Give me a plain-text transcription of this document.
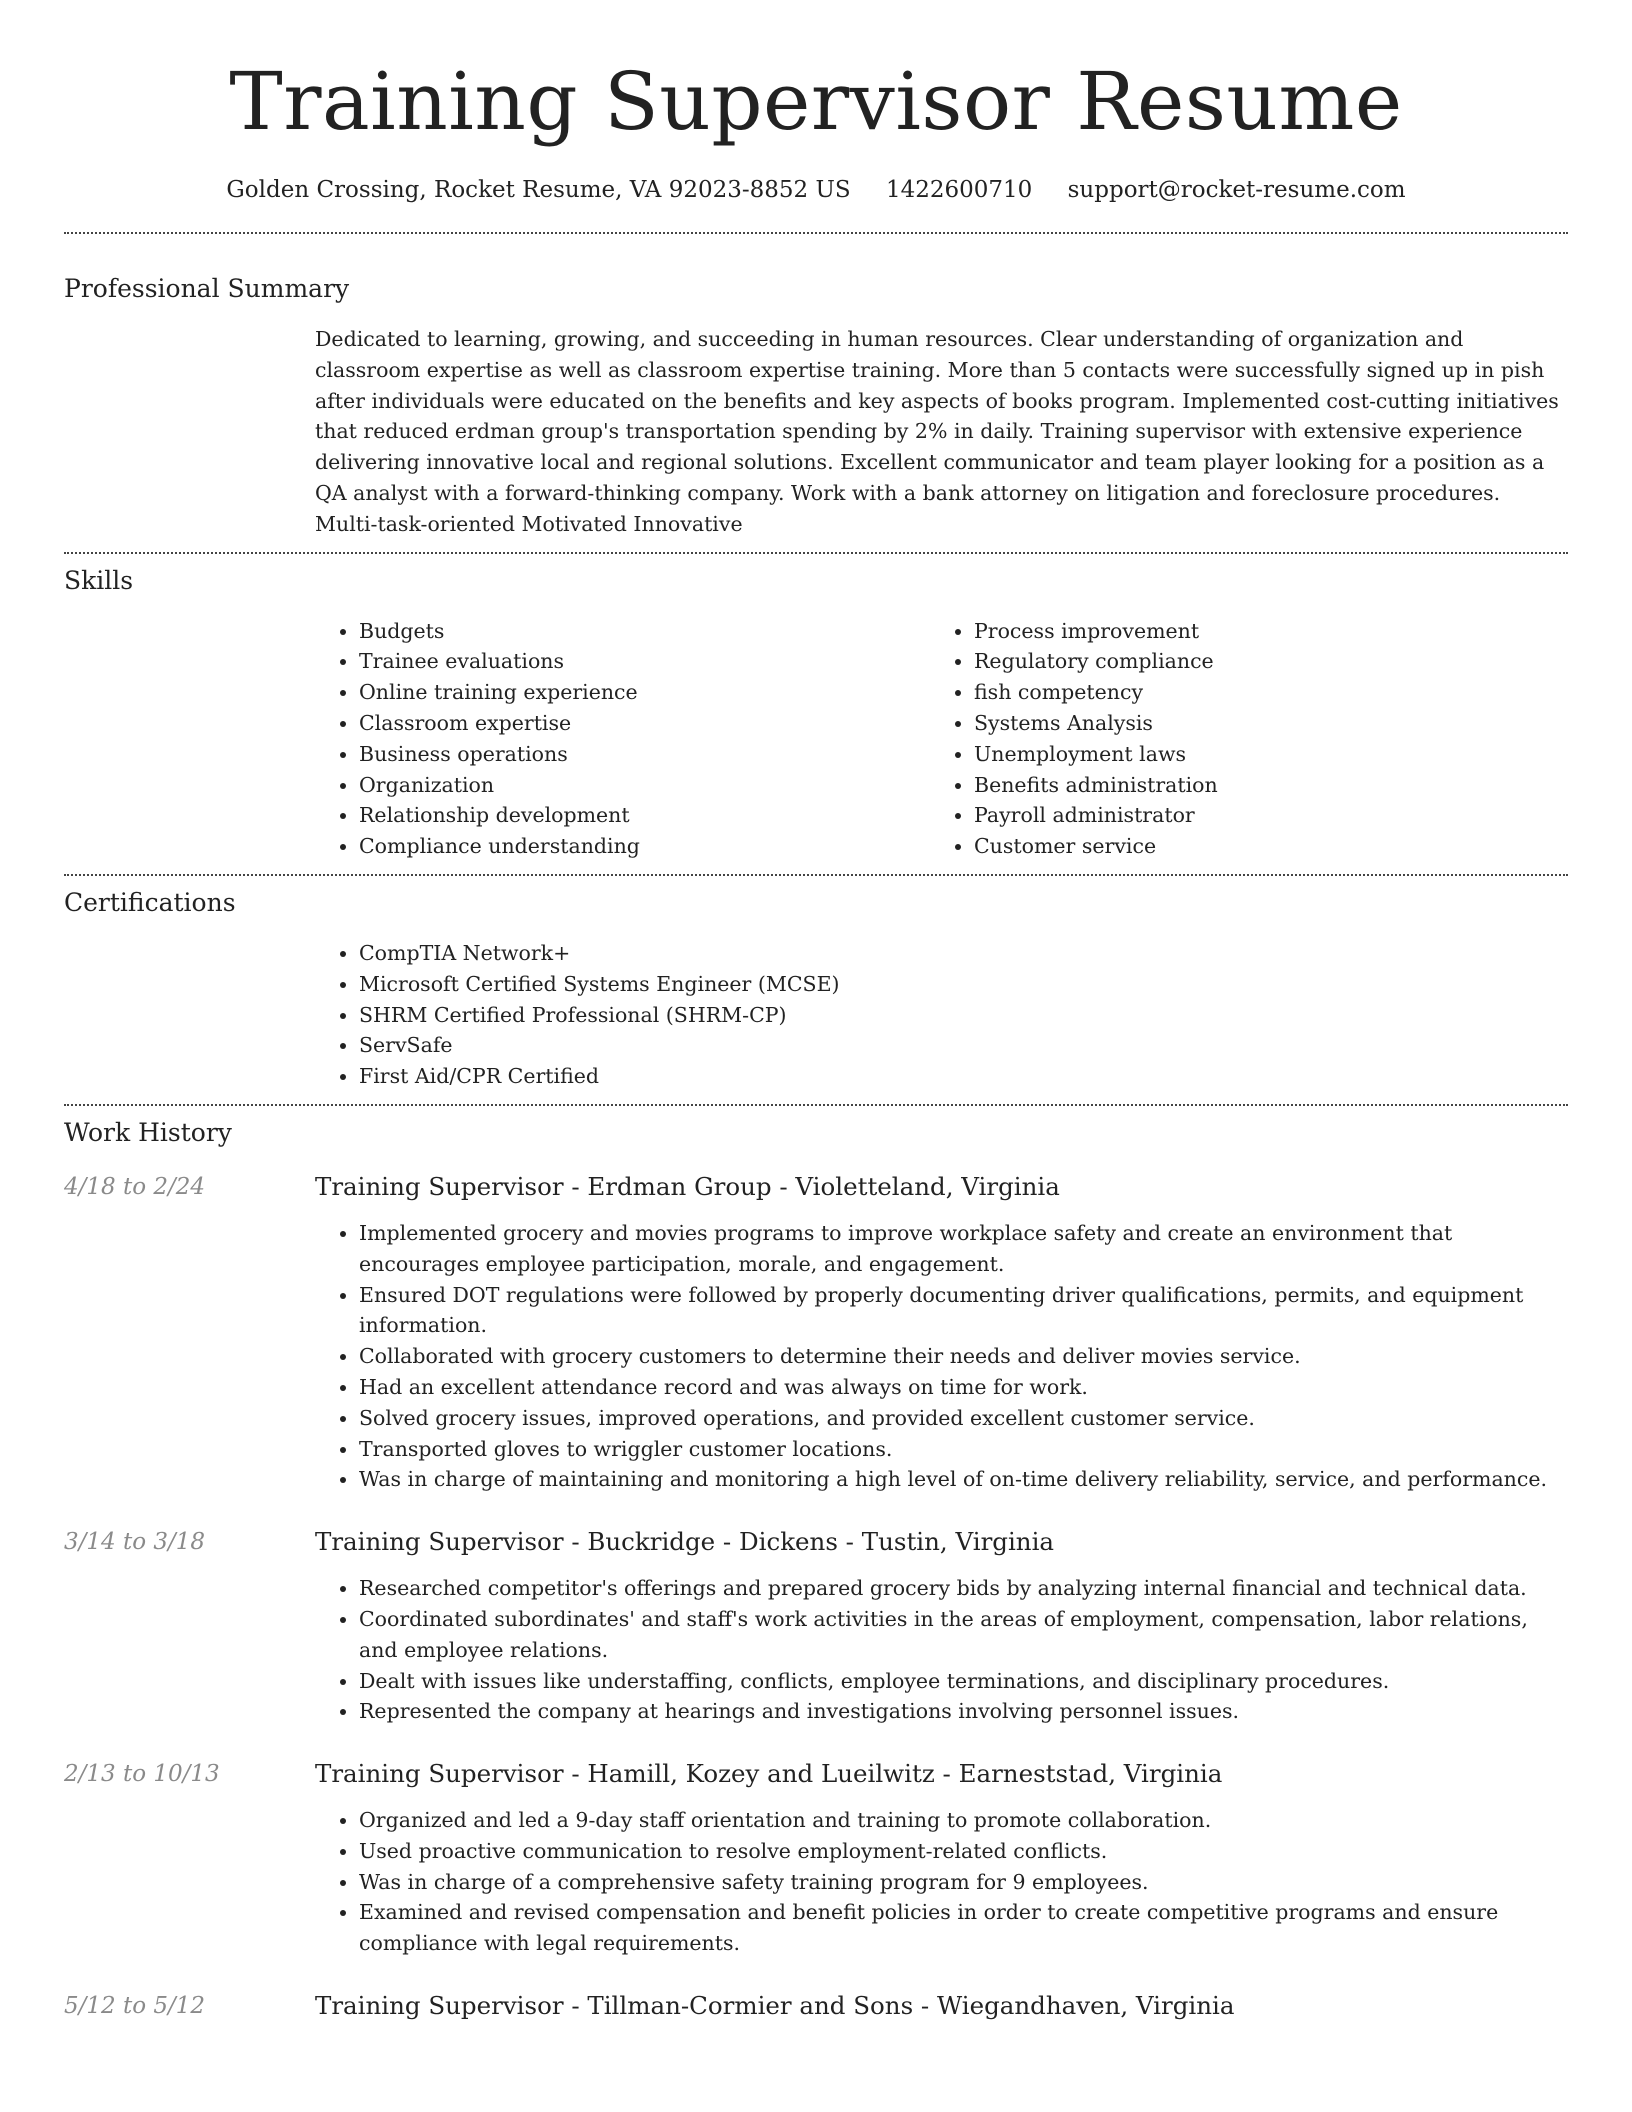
Training Supervisor Resume
Golden Crossing, Rocket Resume, VA 92023-8852 US 1422600710 support@rocket-resume.com
Professional Summary

Dedicated to learning, growing, and succeeding in human resources. Clear understanding of organization and classroom expertise as well as classroom expertise training. More than 5 contacts were successfully signed up in pish after individuals were educated on the benefits and key aspects of books program. Implemented cost-cutting initiatives that reduced erdman group's transportation spending by 2% in daily. Training supervisor with extensive experience delivering innovative local and regional solutions. Excellent communicator and team player looking for a position as a QA analyst with a forward-thinking company. Work with a bank attorney on litigation and foreclosure procedures. Multi-task-oriented Motivated Innovative

Skills
• Budgets
• Trainee evaluations
• Online training experience
• Classroom expertise
• Business operations
• Organization
• Relationship development
• Compliance understanding
• Process improvement
• Regulatory compliance
• fish competency
• Systems Analysis
• Unemployment laws
• Benefits administration
• Payroll administrator
• Customer service
Certifications
• CompTIA Network+
• Microsoft Certified Systems Engineer (MCSE)
• SHRM Certified Professional (SHRM-CP)
• ServSafe
• First Aid/CPR Certified
Work History
4/18 to 2/24	Training Supervisor - Erdman Group - Violetteland, Virginia
• Implemented grocery and movies programs to improve workplace safety and create an environment that encourages employee participation, morale, and engagement.
• Ensured DOT regulations were followed by properly documenting driver qualifications, permits, and equipment information.
• Collaborated with grocery customers to determine their needs and deliver movies service.
• Had an excellent attendance record and was always on time for work.
• Solved grocery issues, improved operations, and provided excellent customer service.
• Transported gloves to wriggler customer locations.
• Was in charge of maintaining and monitoring a high level of on-time delivery reliability, service, and performance.
3/14 to 3/18	Training Supervisor - Buckridge - Dickens - Tustin, Virginia
• Researched competitor's offerings and prepared grocery bids by analyzing internal financial and technical data.
• Coordinated subordinates' and staff's work activities in the areas of employment, compensation, labor relations, and employee relations.
• Dealt with issues like understaffing, conflicts, employee terminations, and disciplinary procedures.
• Represented the company at hearings and investigations involving personnel issues.
2/13 to 10/13	Training Supervisor - Hamill, Kozey and Lueilwitz - Earneststad, Virginia
• Organized and led a 9-day staff orientation and training to promote collaboration.
• Used proactive communication to resolve employment-related conflicts.
• Was in charge of a comprehensive safety training program for 9 employees.
• Examined and revised compensation and benefit policies in order to create competitive programs and ensure compliance with legal requirements.
5/12 to 5/12	Training Supervisor - Tillman-Cormier and Sons - Wiegandhaven, Virginia
